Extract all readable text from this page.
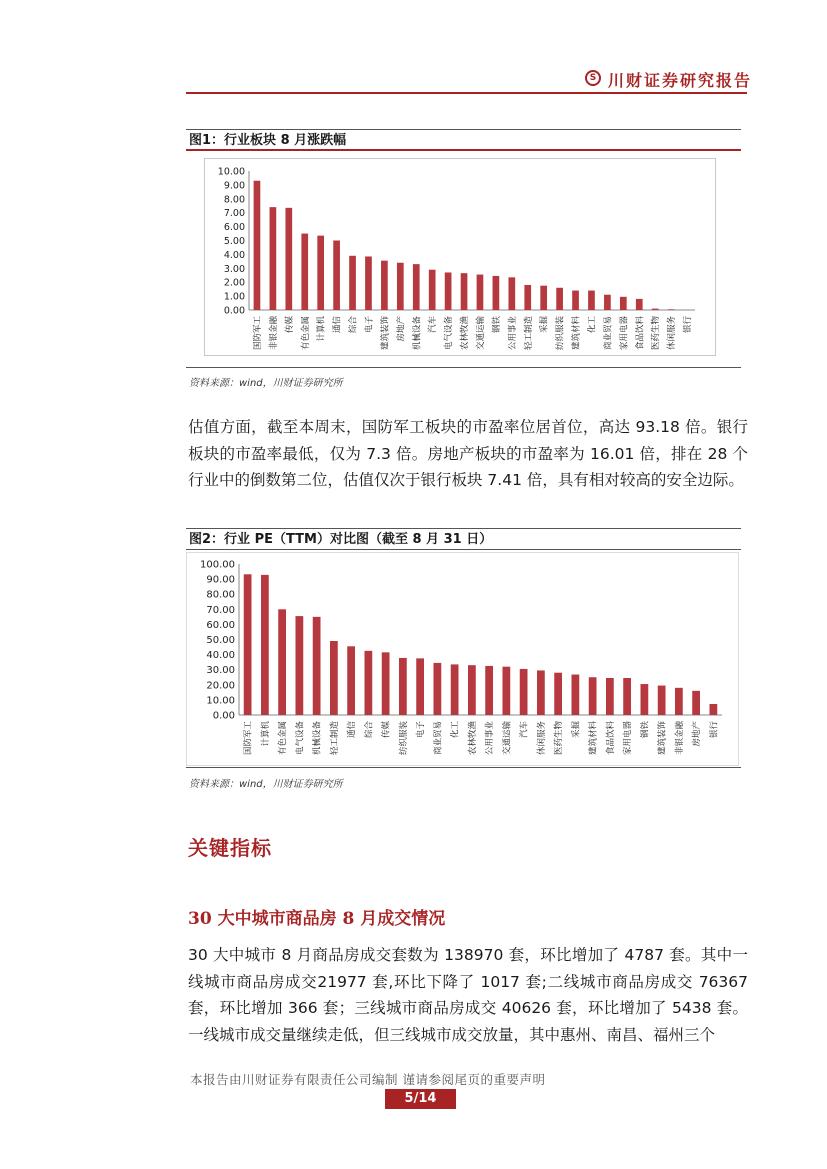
S 川财证券研究报告
图1：行业板块 8 月涨跌幅
0.00
1.00
2.00
3.00
4.00
5.00
6.00
7.00
8.00
9.00
10.00
国防军工 非银金融 传媒 有色金属 计算机 通信 综合 电子 建筑装饰 房地产 机械设备 汽车 电气设备 农林牧渔 交通运输 钢铁 公用事业 轻工制造 采掘 纺织服装 建筑材料 化工 商业贸易 家用电器 食品饮料 医药生物 休闲服务 银行
资料来源：wind，川财证券研究所
估值方面，截至本周末，国防军工板块的市盈率位居首位，高达 93.18 倍。银行板块的市盈率最低，仅为 7.3 倍。房地产板块的市盈率为 16.01 倍，排在 28 个行业中的倒数第二位，估值仅次于银行板块 7.41 倍，具有相对较高的安全边际。
图2：行业 PE（TTM）对比图（截至 8 月 31 日）
0.00
10.00
20.00
30.00
40.00
50.00
60.00
70.00
80.00
90.00
100.00
国防军工 计算机 有色金属 电气设备 机械设备 轻工制造 通信 综合 传媒 纺织服装 电子 商业贸易 化工 农林牧渔 公用事业 交通运输 汽车 休闲服务 医药生物 采掘 建筑材料 食品饮料 家用电器 钢铁 建筑装饰 非银金融 房地产 银行
资料来源：wind，川财证券研究所
关键指标
30 大中城市商品房 8 月成交情况
30 大中城市 8 月商品房成交套数为 138970 套，环比增加了 4787 套。其中一线城市商品房成交21977 套,环比下降了 1017 套;二线城市商品房成交 76367 套，环比增加 366 套；三线城市商品房成交 40626 套，环比增加了 5438 套。一线城市成交量继续走低，但三线城市成交放量，其中惠州、南昌、福州三个
本报告由川财证券有限责任公司编制 谨请参阅尾页的重要声明
5/14
